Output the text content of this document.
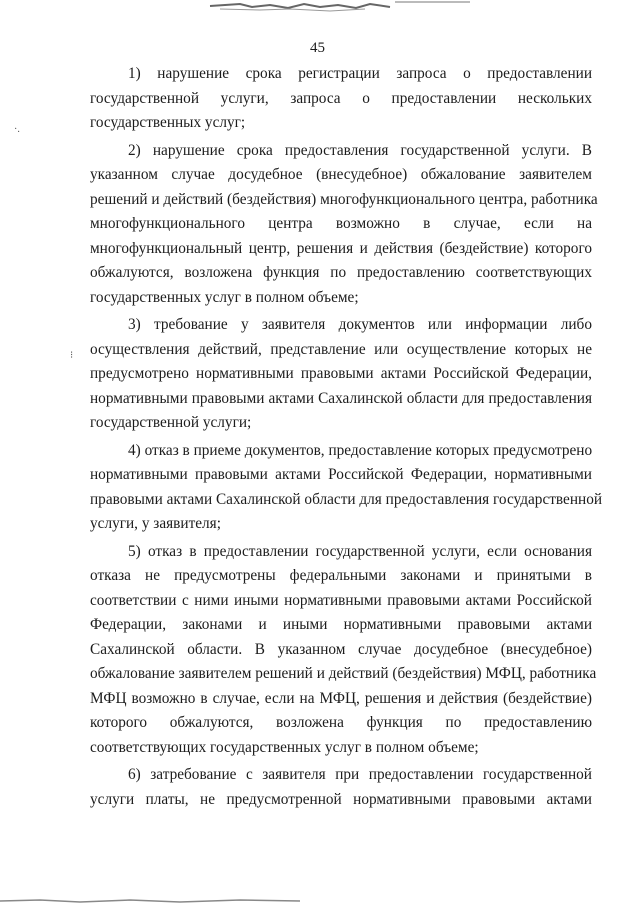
45
·.
⁝
1) нарушение срока регистрации запроса о предоставлении
государственной услуги, запроса о предоставлении нескольких
государственных услуг;
2) нарушение срока предоставления государственной услуги. В
указанном случае досудебное (внесудебное) обжалование заявителем
решений и действий (бездействия) многофункционального центра, работника
многофункционального центра возможно в случае, если на
многофункциональный центр, решения и действия (бездействие) которого
обжалуются, возложена функция по предоставлению соответствующих
государственных услуг в полном объеме;
3) требование у заявителя документов или информации либо
осуществления действий, представление или осуществление которых не
предусмотрено нормативными правовыми актами Российской Федерации,
нормативными правовыми актами Сахалинской области для предоставления
государственной услуги;
4) отказ в приеме документов, предоставление которых предусмотрено
нормативными правовыми актами Российской Федерации, нормативными
правовыми актами Сахалинской области для предоставления государственной
услуги, у заявителя;
5) отказ в предоставлении государственной услуги, если основания
отказа не предусмотрены федеральными законами и принятыми в
соответствии с ними иными нормативными правовыми актами Российской
Федерации, законами и иными нормативными правовыми актами
Сахалинской области. В указанном случае досудебное (внесудебное)
обжалование заявителем решений и действий (бездействия) МФЦ, работника
МФЦ возможно в случае, если на МФЦ, решения и действия (бездействие)
которого обжалуются, возложена функция по предоставлению
соответствующих государственных услуг в полном объеме;
6) затребование с заявителя при предоставлении государственной
услуги платы, не предусмотренной нормативными правовыми актами
